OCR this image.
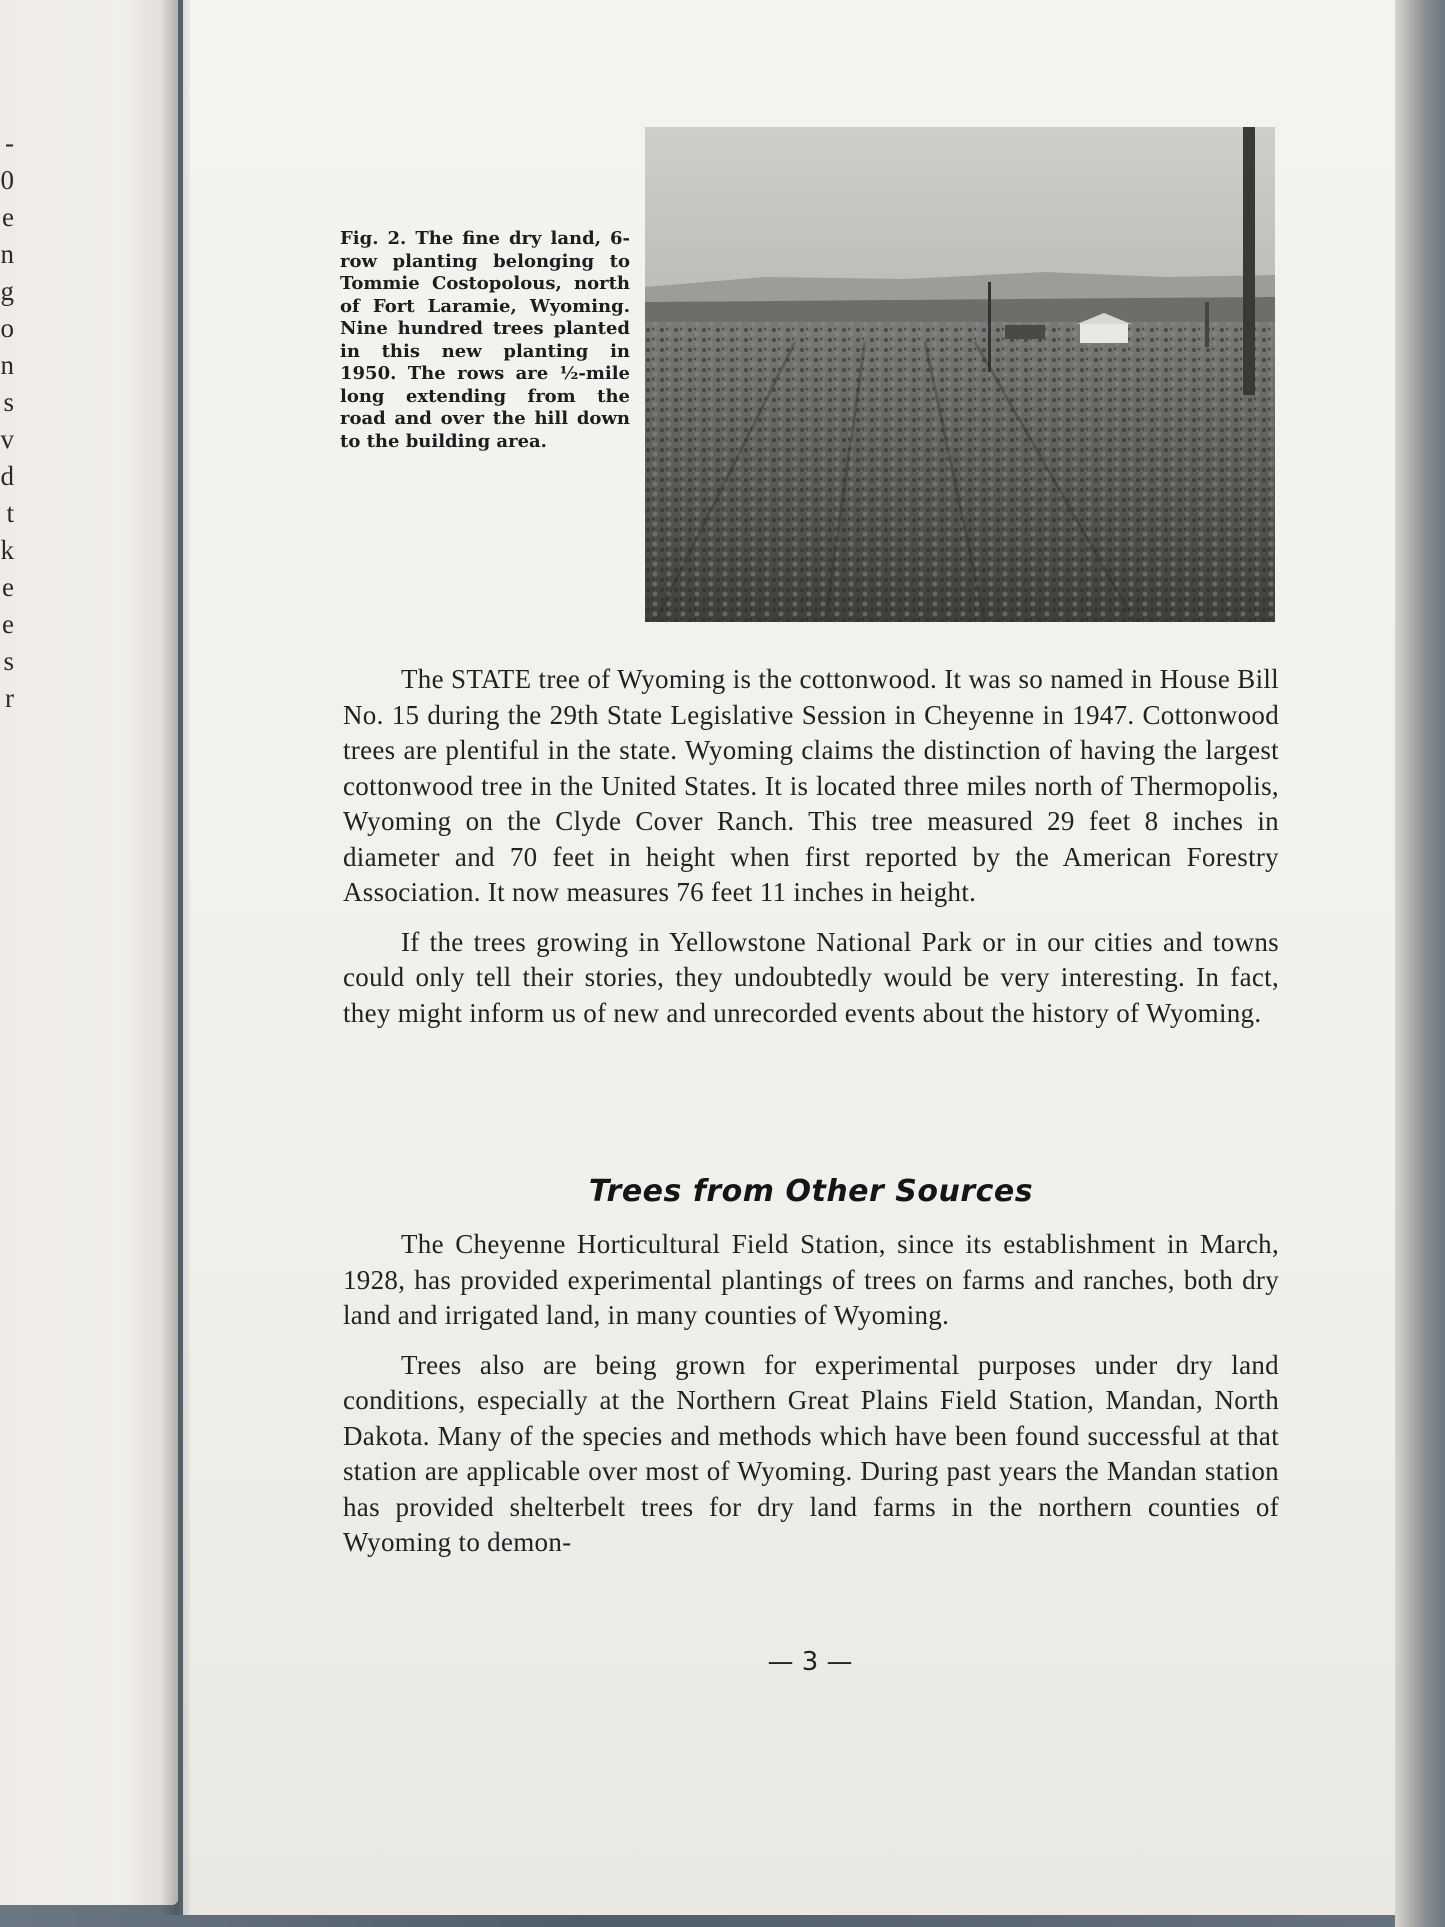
-
0
e
n
g
o
n
s
v
d
t
k
e
e
s
r
Fig. 2. The fine dry land, 6-row planting belonging to Tommie Costopolous, north of Fort Laramie, Wyoming. Nine hundred trees planted in this new planting in 1950. The rows are ½-mile long extending from the road and over the hill down to the building area.

The STATE tree of Wyoming is the cottonwood. It was so named in House Bill No. 15 during the 29th State Legislative Session in Cheyenne in 1947. Cottonwood trees are plentiful in the state. Wyoming claims the distinction of having the largest cottonwood tree in the United States. It is located three miles north of Thermopolis, Wyoming on the Clyde Cover Ranch. This tree measured 29 feet 8 inches in diameter and 70 feet in height when first reported by the American Forestry Association. It now measures 76 feet 11 inches in height.

If the trees growing in Yellowstone National Park or in our cities and towns could only tell their stories, they undoubtedly would be very interesting. In fact, they might inform us of new and unrecorded events about the history of Wyoming.

Trees from Other Sources

The Cheyenne Horticultural Field Station, since its establishment in March, 1928, has provided experimental plantings of trees on farms and ranches, both dry land and irrigated land, in many counties of Wyoming.

Trees also are being grown for experimental purposes under dry land conditions, especially at the Northern Great Plains Field Station, Mandan, North Dakota. Many of the species and methods which have been found successful at that station are applicable over most of Wyoming. During past years the Mandan station has provided shelterbelt trees for dry land farms in the northern counties of Wyoming to demon-

— 3 —
